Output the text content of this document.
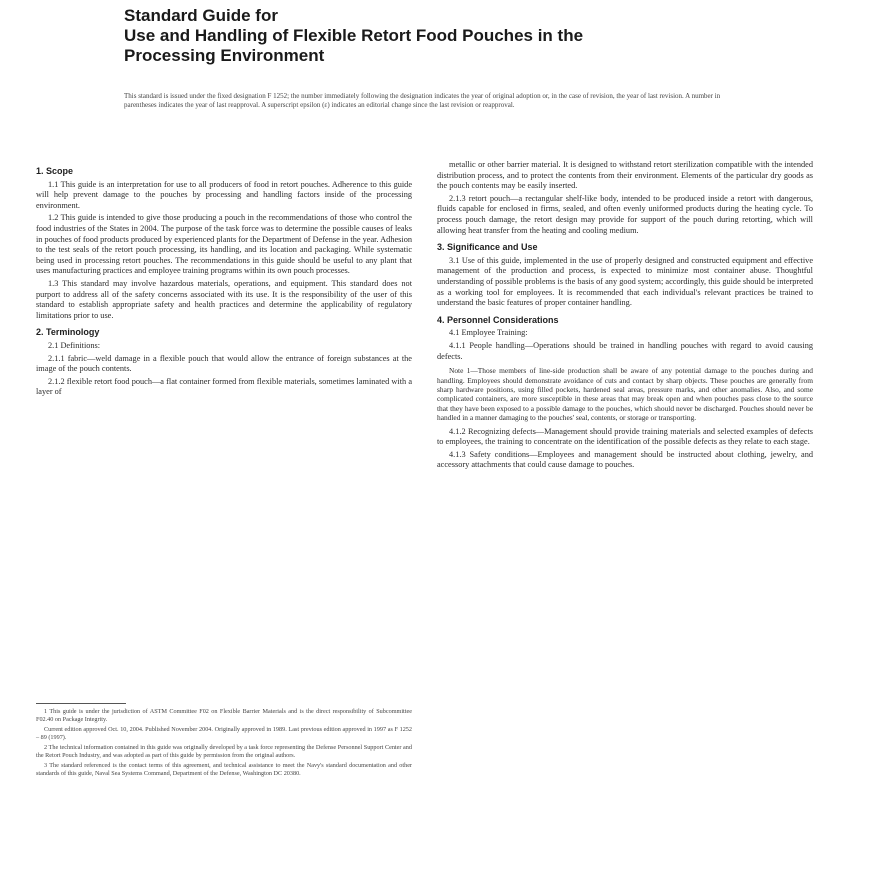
Standard Guide for
Use and Handling of Flexible Retort Food Pouches in the
Processing Environment
This standard is issued under the fixed designation F 1252; the number immediately following the designation indicates the year of original adoption or, in the case of revision, the year of last revision. A number in parentheses indicates the year of last reapproval. A superscript epsilon (ε) indicates an editorial change since the last revision or reapproval.
1. Scope

1.1 This guide is an interpretation for use to all producers of food in retort pouches. Adherence to this guide will help prevent damage to the pouches by processing and handling factors inside of the processing environment.

1.2 This guide is intended to give those producing a pouch in the recommendations of those who control the food industries of the States in 2004. The purpose of the task force was to determine the possible causes of leaks in pouches of food products produced by experienced plants for the Department of Defense in the year. Adhesion to the test seals of the retort pouch processing, its handling, and its location and packaging. While systematic being used in processing retort pouches. The recommendations in this guide should be useful to any plant that uses manufacturing practices and employee training programs within its own pouch processes.

1.3 This standard may involve hazardous materials, operations, and equipment. This standard does not purport to address all of the safety concerns associated with its use. It is the responsibility of the user of this standard to establish appropriate safety and health practices and determine the applicability of regulatory limitations prior to use.

2. Terminology

2.1 Definitions:

2.1.1 fabric—weld damage in a flexible pouch that would allow the entrance of foreign substances at the image of the pouch contents.

2.1.2 flexible retort food pouch—a flat container formed from flexible materials, sometimes laminated with a layer of

metallic or other barrier material. It is designed to withstand retort sterilization compatible with the intended distribution process, and to protect the contents from their environment. Elements of the particular dry goods as the pouch contents may be easily inserted.

2.1.3 retort pouch—a rectangular shelf-like body, intended to be produced inside a retort with dangerous, fluids capable for enclosed in firms, sealed, and often evenly uniformed products during the heating cycle. To process pouch damage, the retort design may provide for support of the pouch during retorting, which will allowing heat transfer from the heating and cooling medium.

3. Significance and Use

3.1 Use of this guide, implemented in the use of properly designed and constructed equipment and effective management of the production and process, is expected to minimize most container abuse. Thoughtful understanding of possible problems is the basis of any good system; accordingly, this guide should be interpreted as a working tool for employees. It is recommended that each individual's relevant practices be trained to understand the basic features of proper container handling.

4. Personnel Considerations

4.1 Employee Training:

4.1.1 People handling—Operations should be trained in handling pouches with regard to avoid causing defects.

Note 1—Those members of line-side production shall be aware of any potential damage to the pouches during and handling. Employees should demonstrate avoidance of cuts and contact by sharp objects. These pouches are generally from sharp hardware positions, using filled pockets, hardened seal areas, pressure marks, and other anomalies. Also, and some complicated containers, are more susceptible in these areas that may break open and when pouches pass close to the source that they have been exposed to a possible damage to the pouches, which should never be discharged. Pouches should never be handled in a manner damaging to the pouches' seal, contents, or storage or transporting.

4.1.2 Recognizing defects—Management should provide training materials and selected examples of defects to employees, the training to concentrate on the identification of the possible defects as they relate to each stage.

4.1.3 Safety conditions—Employees and management should be instructed about clothing, jewelry, and accessory attachments that could cause damage to pouches.

1 This guide is under the jurisdiction of ASTM Committee F02 on Flexible Barrier Materials and is the direct responsibility of Subcommittee F02.40 on Package Integrity.

Current edition approved Oct. 10, 2004. Published November 2004. Originally approved in 1989. Last previous edition approved in 1997 as F 1252 – 89 (1997).

2 The technical information contained in this guide was originally developed by a task force representing the Defense Personnel Support Center and the Retort Pouch Industry, and was adopted as part of this guide by permission from the original authors.

3 The standard referenced is the contact terms of this agreement, and technical assistance to meet the Navy's standard documentation and other standards of this guide, Naval Sea Systems Command, Department of the Defense, Washington DC 20380.
